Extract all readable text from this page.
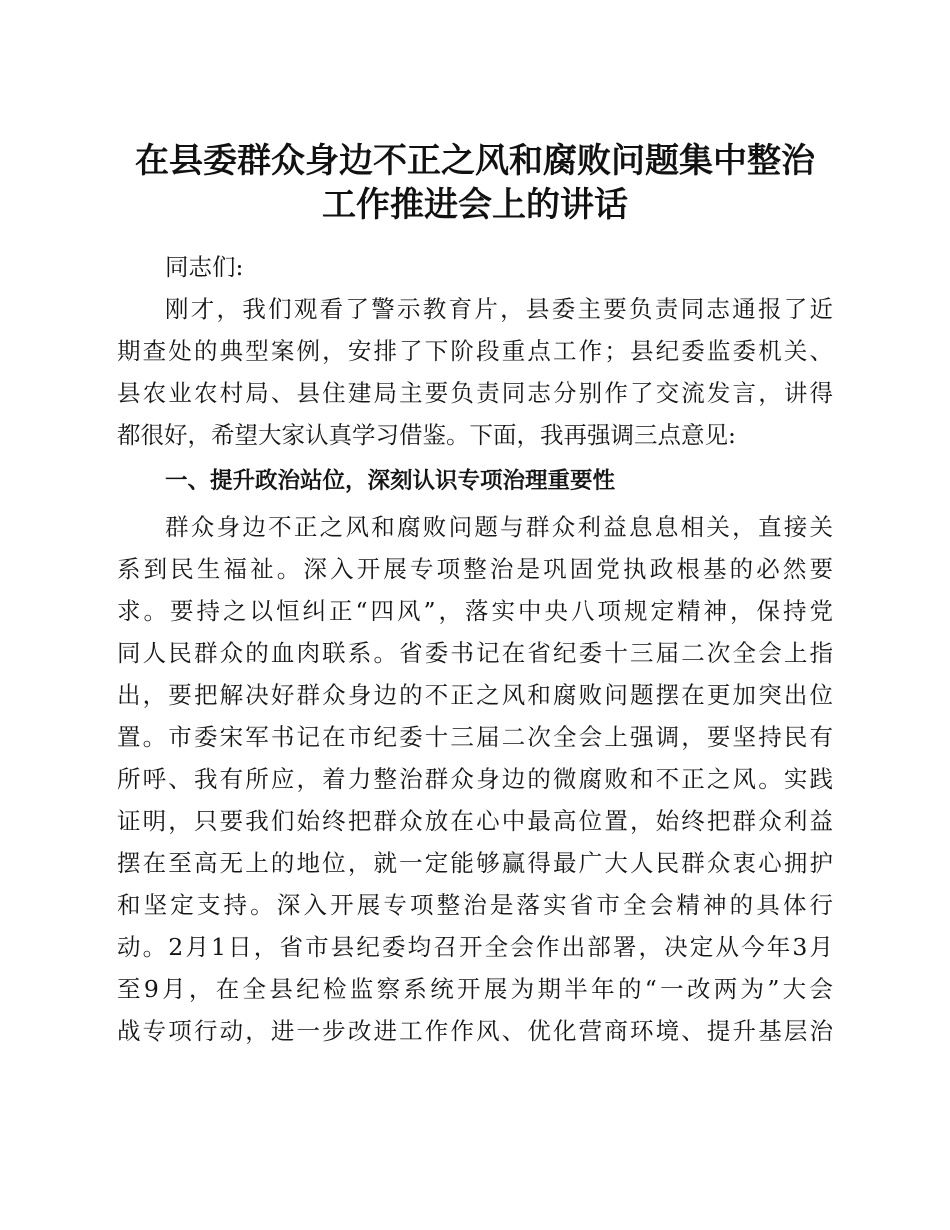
在县委群众身边不正之风和腐败问题集中整治
工作推进会上的讲话
同志们:
刚才，我们观看了警示教育片，县委主要负责同志通报了近
期查处的典型案例，安排了下阶段重点工作；县纪委监委机关、
县农业农村局、县住建局主要负责同志分别作了交流发言，讲得
都很好，希望大家认真学习借鉴。下面，我再强调三点意见:
一、提升政治站位，深刻认识专项治理重要性
群众身边不正之风和腐败问题与群众利益息息相关，直接关
系到民生福祉。深入开展专项整治是巩固党执政根基的必然要
求。要持之以恒纠正“四风”，落实中央八项规定精神，保持党
同人民群众的血肉联系。省委书记在省纪委十三届二次全会上指
出，要把解决好群众身边的不正之风和腐败问题摆在更加突出位
置。市委宋军书记在市纪委十三届二次全会上强调，要坚持民有
所呼、我有所应，着力整治群众身边的微腐败和不正之风。实践
证明，只要我们始终把群众放在心中最高位置，始终把群众利益
摆在至高无上的地位，就一定能够赢得最广大人民群众衷心拥护
和坚定支持。深入开展专项整治是落实省市全会精神的具体行
动。2月1日，省市县纪委均召开全会作出部署，决定从今年3月
至9月，在全县纪检监察系统开展为期半年的“一改两为”大会
战专项行动，进一步改进工作作风、优化营商环境、提升基层治
